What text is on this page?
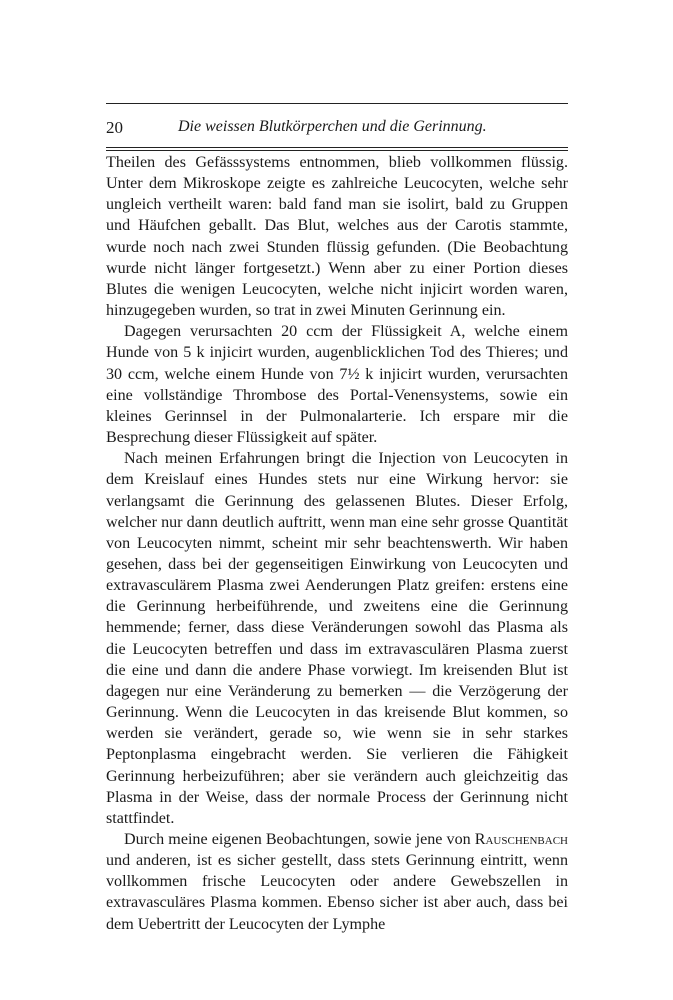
20	Die weissen Blutkörperchen und die Gerinnung.

Theilen des Gefässsystems entnommen, blieb vollkommen flüssig. Unter dem Mikroskope zeigte es zahlreiche Leucocyten, welche sehr ungleich vertheilt waren: bald fand man sie isolirt, bald zu Gruppen und Häufchen geballt. Das Blut, welches aus der Carotis stammte, wurde noch nach zwei Stunden flüssig gefunden. (Die Beobachtung wurde nicht länger fortgesetzt.) Wenn aber zu einer Portion dieses Blutes die wenigen Leucocyten, welche nicht injicirt worden waren, hinzugegeben wurden, so trat in zwei Minuten Gerinnung ein.

Dagegen verursachten 20 ccm der Flüssigkeit A, welche einem Hunde von 5 k injicirt wurden, augenblicklichen Tod des Thieres; und 30 ccm, welche einem Hunde von 7½ k injicirt wurden, verursachten eine vollständige Thrombose des Portal-Venensystems, sowie ein kleines Gerinnsel in der Pulmonalarterie. Ich erspare mir die Besprechung dieser Flüssigkeit auf später.

Nach meinen Erfahrungen bringt die Injection von Leucocyten in dem Kreislauf eines Hundes stets nur eine Wirkung hervor: sie verlangsamt die Gerinnung des gelassenen Blutes. Dieser Erfolg, welcher nur dann deutlich auftritt, wenn man eine sehr grosse Quantität von Leucocyten nimmt, scheint mir sehr beachtenswerth. Wir haben gesehen, dass bei der gegenseitigen Einwirkung von Leucocyten und extravasculärem Plasma zwei Aenderungen Platz greifen: erstens eine die Gerinnung herbeiführende, und zweitens eine die Gerinnung hemmende; ferner, dass diese Veränderungen sowohl das Plasma als die Leucocyten betreffen und dass im extravasculären Plasma zuerst die eine und dann die andere Phase vorwiegt. Im kreisenden Blut ist dagegen nur eine Veränderung zu bemerken — die Verzögerung der Gerinnung. Wenn die Leucocyten in das kreisende Blut kommen, so werden sie verändert, gerade so, wie wenn sie in sehr starkes Peptonplasma eingebracht werden. Sie verlieren die Fähigkeit Gerinnung herbeizuführen; aber sie verändern auch gleichzeitig das Plasma in der Weise, dass der normale Process der Gerinnung nicht stattfindet.

Durch meine eigenen Beobachtungen, sowie jene von Rauschenbach und anderen, ist es sicher gestellt, dass stets Gerinnung eintritt, wenn vollkommen frische Leucocyten oder andere Gewebszellen in extravasculäres Plasma kommen. Ebenso sicher ist aber auch, dass bei dem Uebertritt der Leucocyten der Lymphe
